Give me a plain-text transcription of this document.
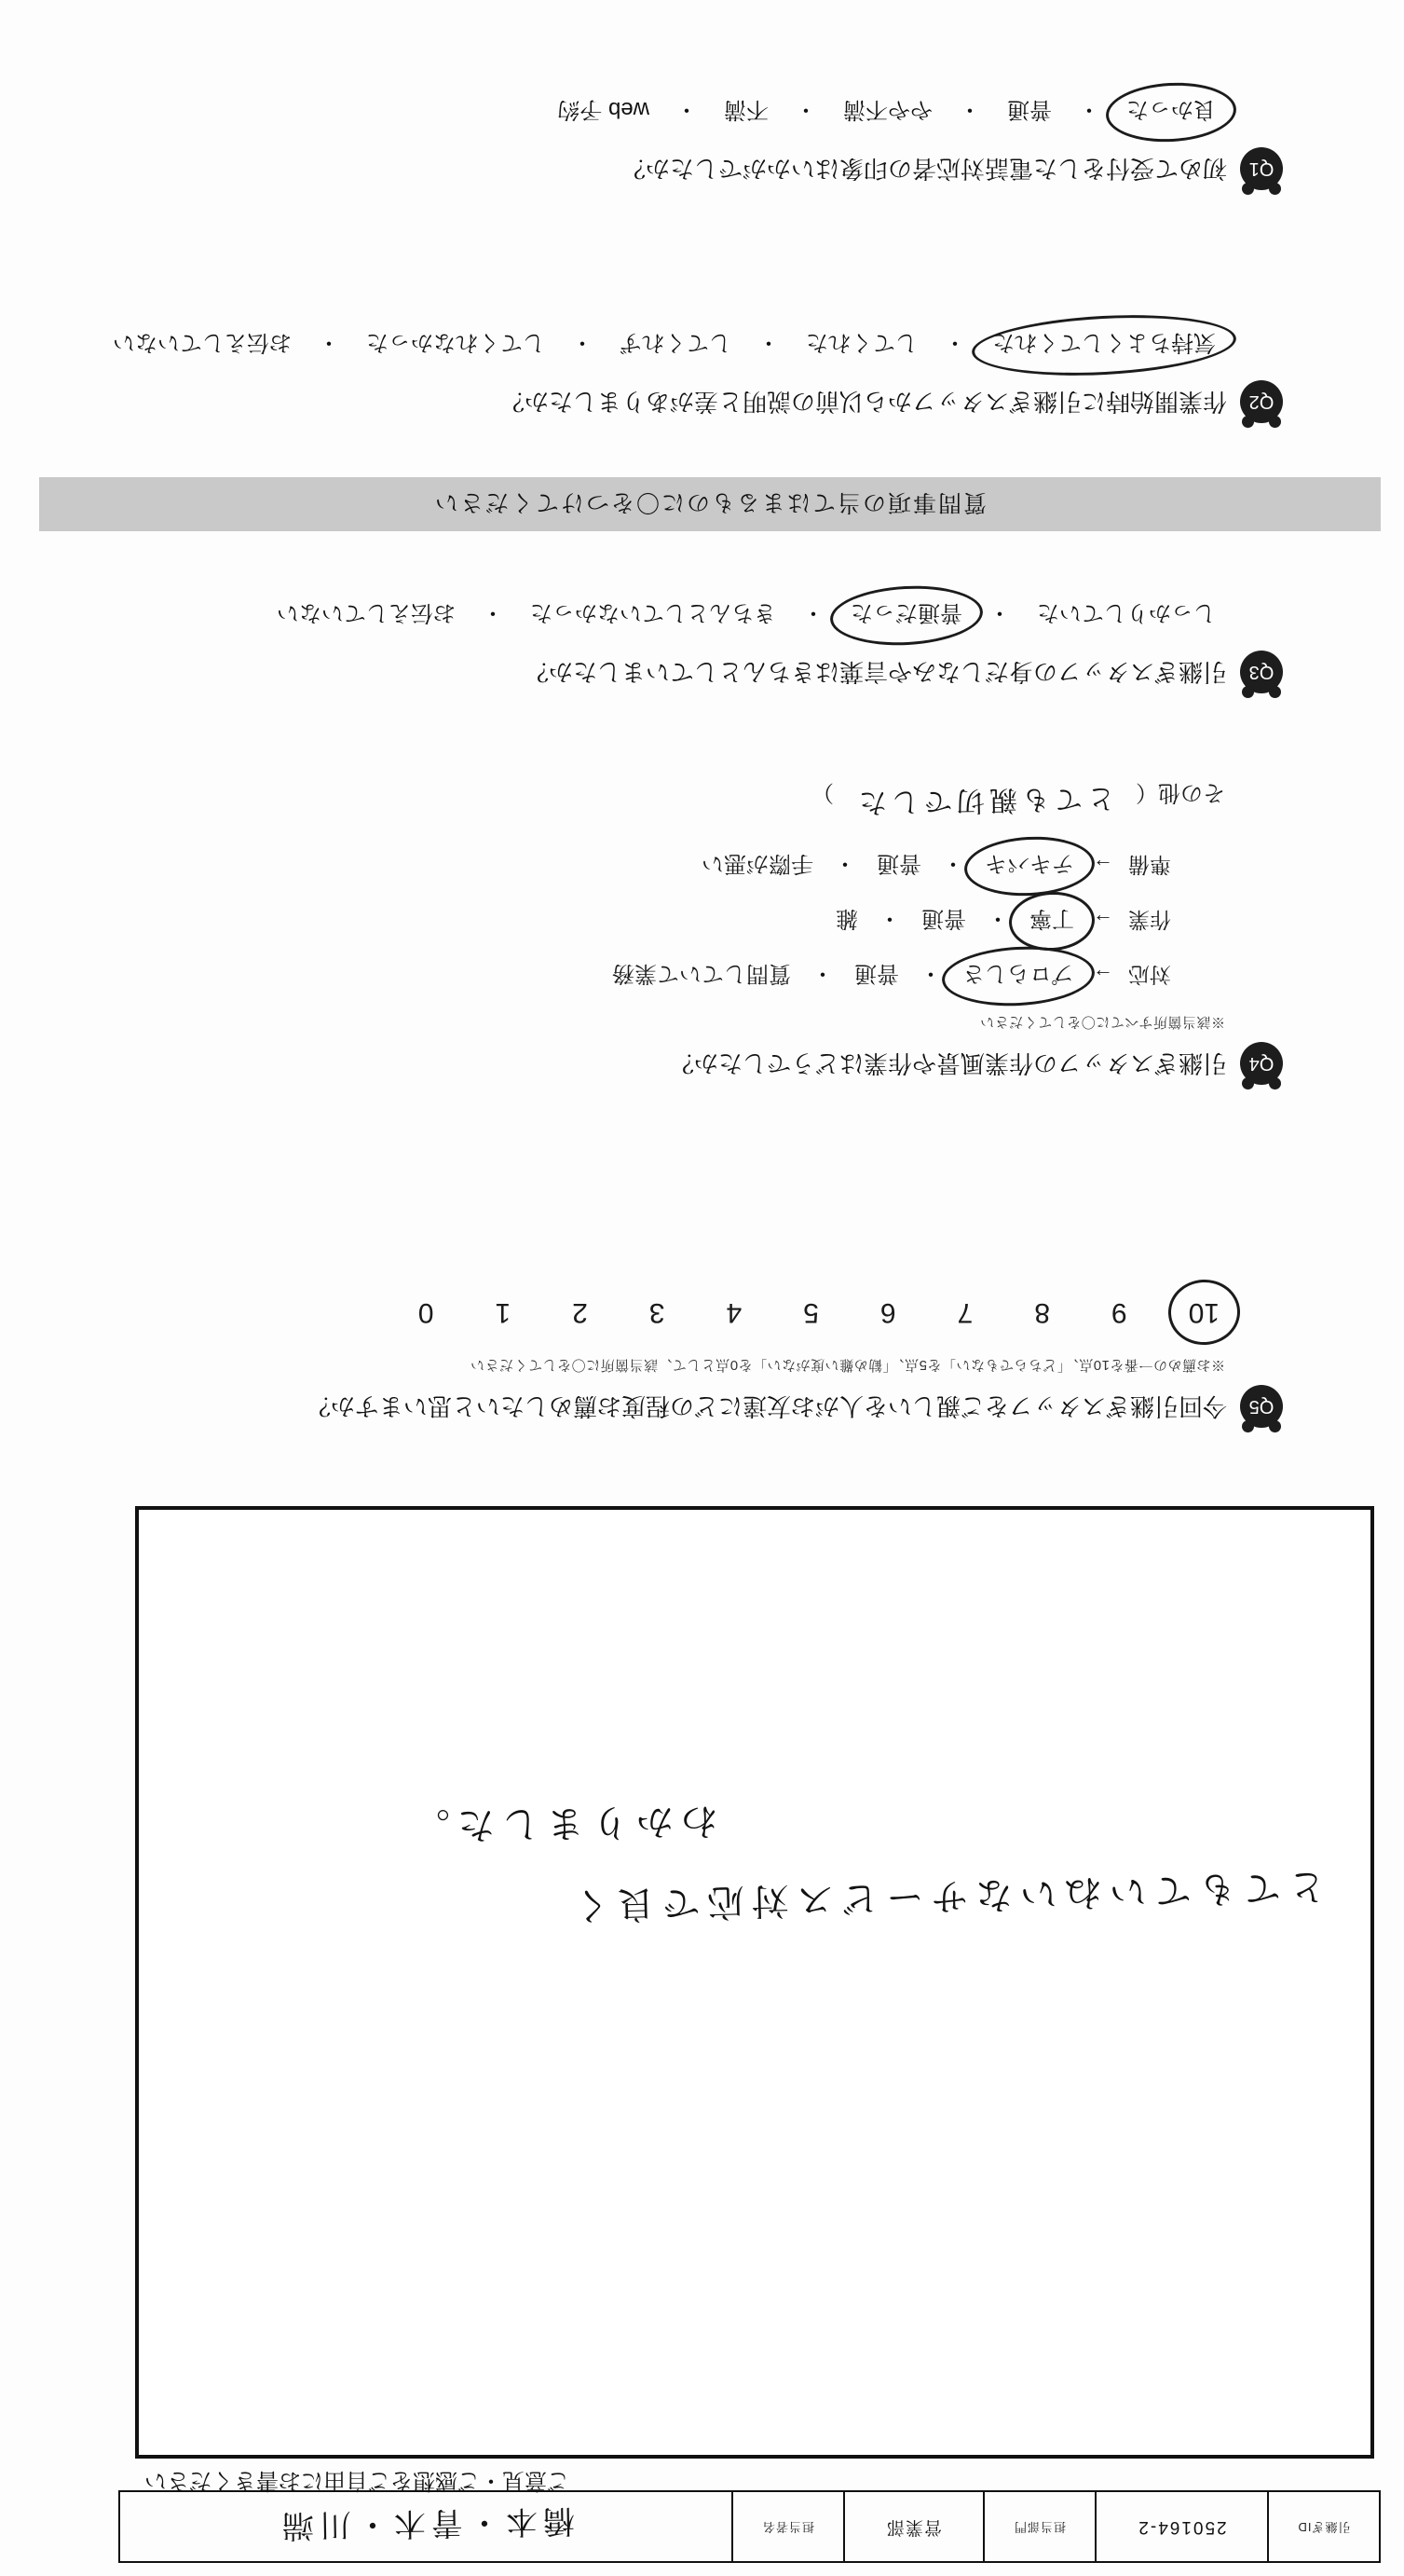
引継ぎID
250164-2
担当部門
営業部
担当者名
橋本・青木・川端
ご意見・ご感想をご自由にお書きください
とてもていねいなサービス対応で良く
わかりました。
Q5
今回引継ぎスタッフをご親しいを人がお友達にどの程度お薦めしたいと思いますか？
※お薦めの一番を10点、「どちらでもない」を5点、「勧め難い度がない」を0点として、該当箇所に〇をしてください
10
9
8
7
6
5
4
3
2
1
0
Q4
引継ぎスタッフの作業風景や作業はどうでしたか？
※該当箇所すべてに〇をしてください
対応
→
プロらしさ
・
普通
・
質問していて業務
作業
→
丁寧
・
普通
・
雑
準備
→
テキパキ
・
普通
・
手際が悪い
その他（
とても親切でした
）
Q3
引継ぎスタッフの身だしなみや言葉はきちんとしていましたか？
しっかりしていた
・
普通だった
・
きちんとしていなかった
・
お伝えしていない
Q2
作業開始時に引継ぎスタッフから以前の説明と差がありましたか？
気持ちよくしてくれた
・
してくれた
・
してくれず
・
してくれなかった
・
お伝えしていない
Q1
初めて受付をした電話対応者の印象はいかがでしたか？
良かった
・
普通
・
やや不満
・
不満
・
web 予約
質問事項の当てはまるものに〇をつけてください
